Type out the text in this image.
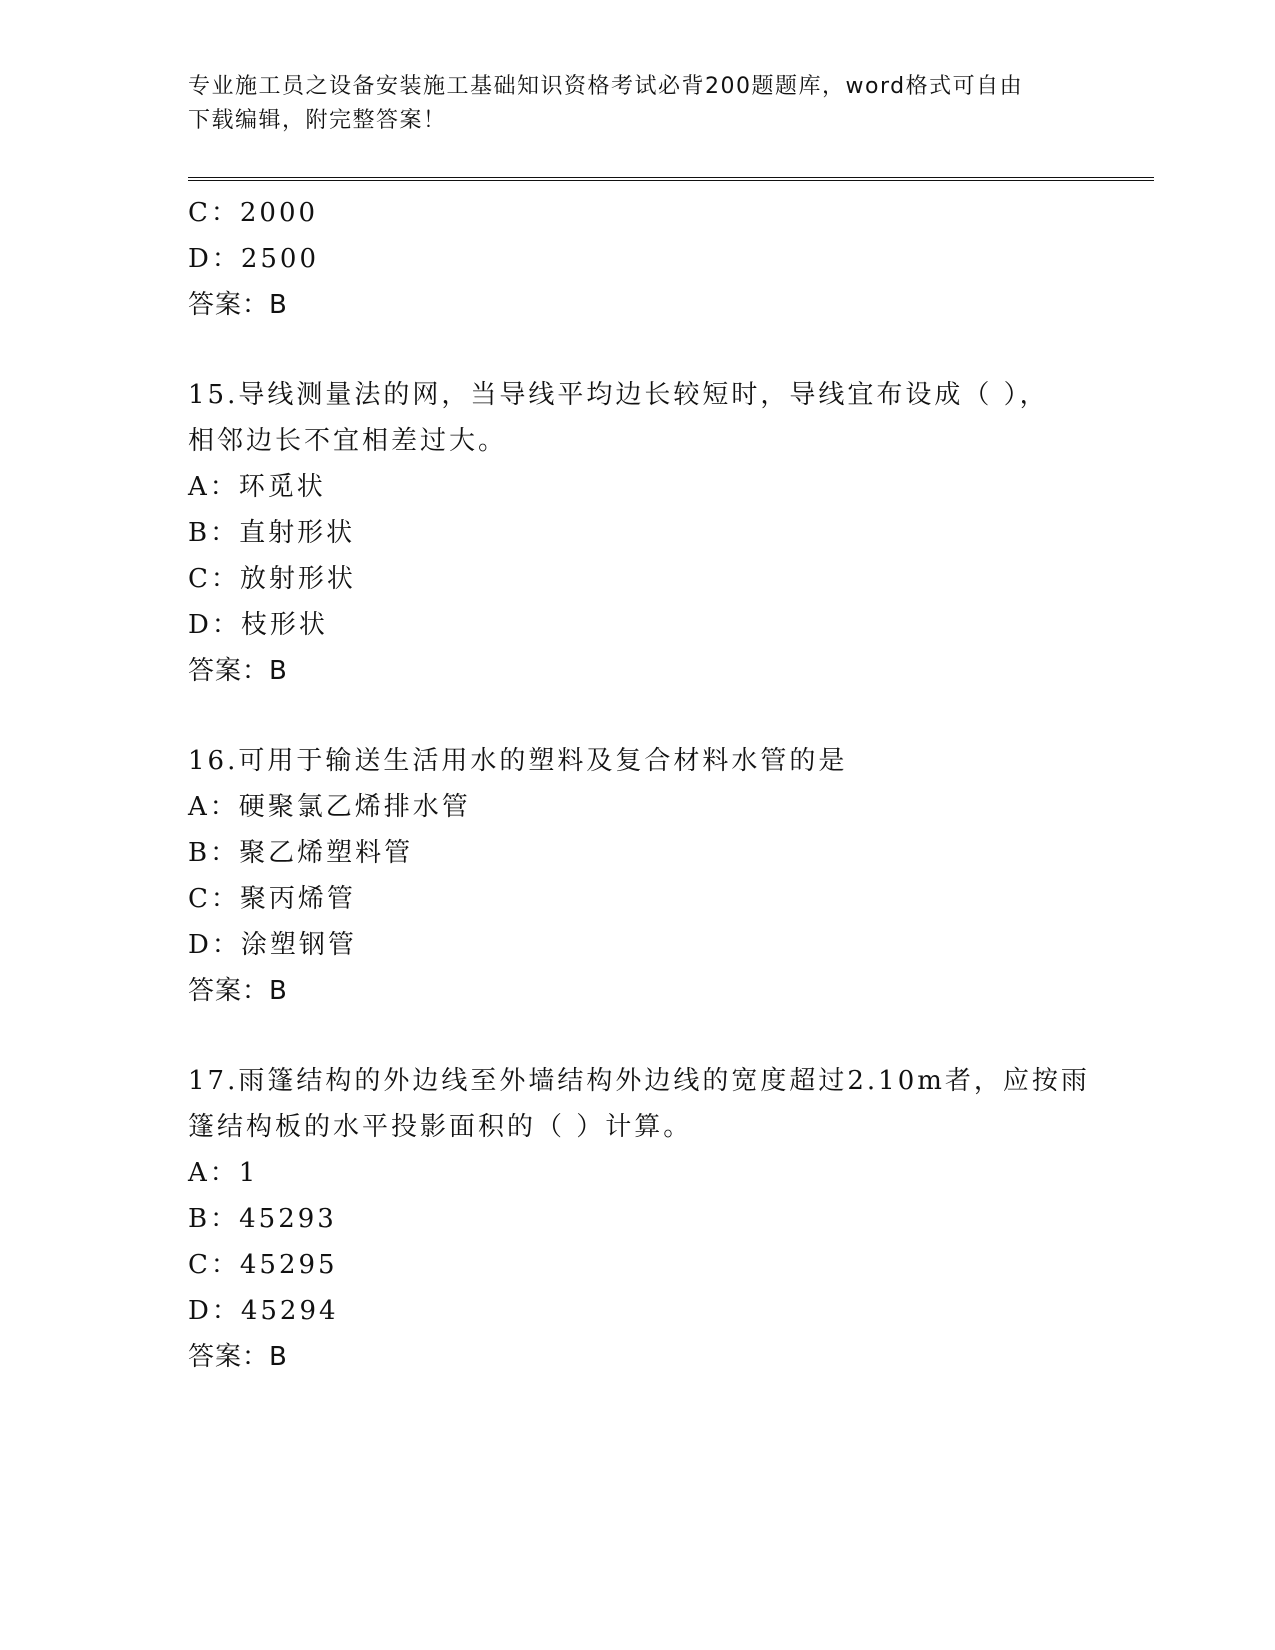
专业施工员之设备安装施工基础知识资格考试必背200题题库，word格式可自由
下载编辑，附完整答案！
C：2000
D：2500
答案：B
15.导线测量法的网，当导线平均边长较短时，导线宜布设成（ ），
相邻边长不宜相差过大。
A：环觅状
B：直射形状
C：放射形状
D：枝形状
答案：B
16.可用于输送生活用水的塑料及复合材料水管的是
A：硬聚氯乙烯排水管
B：聚乙烯塑料管
C：聚丙烯管
D：涂塑钢管
答案：B
17.雨篷结构的外边线至外墙结构外边线的宽度超过2.10m者，应按雨
篷结构板的水平投影面积的（ ）计算。
A：1
B：45293
C：45295
D：45294
答案：B
